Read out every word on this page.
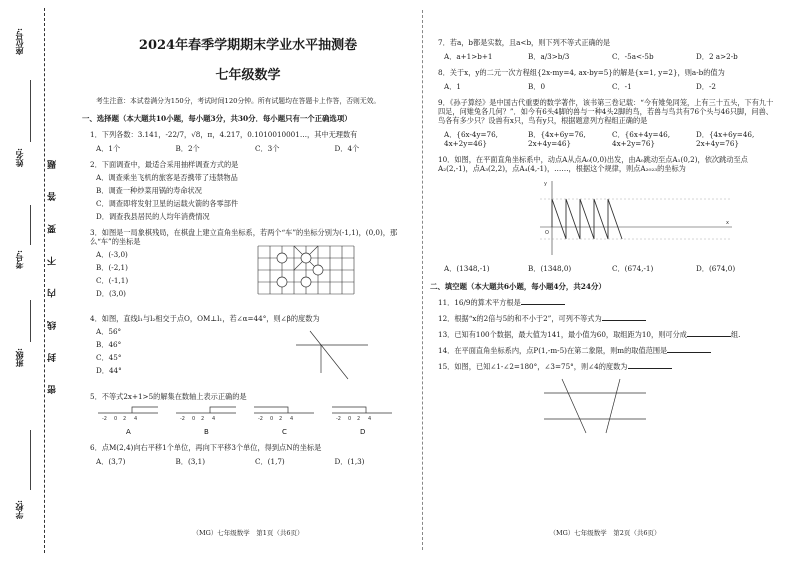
学校:
班级:
考号:
姓名:
座位号:
密 封 线 内 不 要 答 题
2024年春季学期期末学业水平抽测卷
七年级数学
考生注意：本试卷满分为150分，考试时间120分钟。所有试题均在答题卡上作答，否则无效。
一、选择题（本大题共10小题，每小题3分，共30分．每小题只有一个正确选项）
1．下列各数：3.141，-22/7，√8，π，4.217，0.1010010001…，其中无理数有
A．1个	B．2个	C．3个	D．4个
2．下面调查中，最适合采用抽样调查方式的是
A．调查乘坐飞机的旅客是否携带了违禁物品
B．调查一种炒菜用锅的寿命状况
C．调查即将发射卫星的运载火箭的各零部件
D．调查我县居民的人均年消费情况
3．如图是一局象棋残局，在棋盘上建立直角坐标系，若两个“车”的坐标分别为(-1,1)，(0,0)，那么“车”的坐标是
A．(-3,0)
B．(-2,1)
C．(-1,1)
D．(3,0)
4．如图，直线l₁与l₂相交于点O，OM⊥l₁，若∠α=44°，则∠β的度数为
A．56°
B．46°
C．45°
D．44°
5．不等式2x+1>5的解集在数轴上表示正确的是
-2 0 2 4	-2 0 2 4	-2 0 2 4	-2 0 2 4
A	B	C	D
6．点M(2,4)向右平移1个单位，再向下平移3个单位，得到点N的坐标是
A．(3,7)	B．(3,1)	C．(1,7)	D．(1,3)
（MG）七年级数学　第1页（共6页）
7．若a，b都是实数，且a<b，则下列不等式正确的是
A．a+1>b+1	B．a/3>b/3	C．-5a<-5b	D．2 a>2-b
8．关于x，y的二元一次方程组{2x-my=4, ax-by=5}的解是{x=1, y=2}，则a-b的值为
A．1	B．0	C．-1	D．-2
9．《孙子算经》是中国古代重要的数学著作，该书第三卷记载：“今有雉兔同笼，上有三十五头，下有九十四足，问雉兔各几何？”．如今有6头4脚的兽与一种4头2脚的鸟，若兽与鸟共有76个头与46只脚，问兽、鸟各有多少只？设兽有x只，鸟有y只，根据题意列方程组正确的是
A．{6x-4y=76, 4x+2y=46}
B．{4x+6y=76, 2x+4y=46}
C．{6x+4y=46, 4x+2y=76}
D．{4x+6y=46, 2x+4y=76}
10．如图，在平面直角坐标系中，动点A从点A₀(0,0)出发，由A₀跳动至点A₁(0,2)，依次跳动至点A₂(2,-1)，点A₃(2,2)，点A₄(4,-1)，……，根据这个规律，则点A₂₀₂₃的坐标为
y
x
O
A．(1348,-1)	B．(1348,0)	C．(674,-1)	D．(674,0)
二、填空题（本大题共6小题，每小题4分，共24分）
11．16/9的算术平方根是
12．根据“x的2倍与5的和不小于2”，可列不等式为
13．已知有100个数据，最大值为141，最小值为60，取组距为10，则可分成	组.
14．在平面直角坐标系内，点P(1,-m-5)在第二象限，则m的取值范围是
15．如图，已知∠1-∠2=180°，∠3=75°，则∠4的度数为
（MG）七年级数学　第2页（共6页）
